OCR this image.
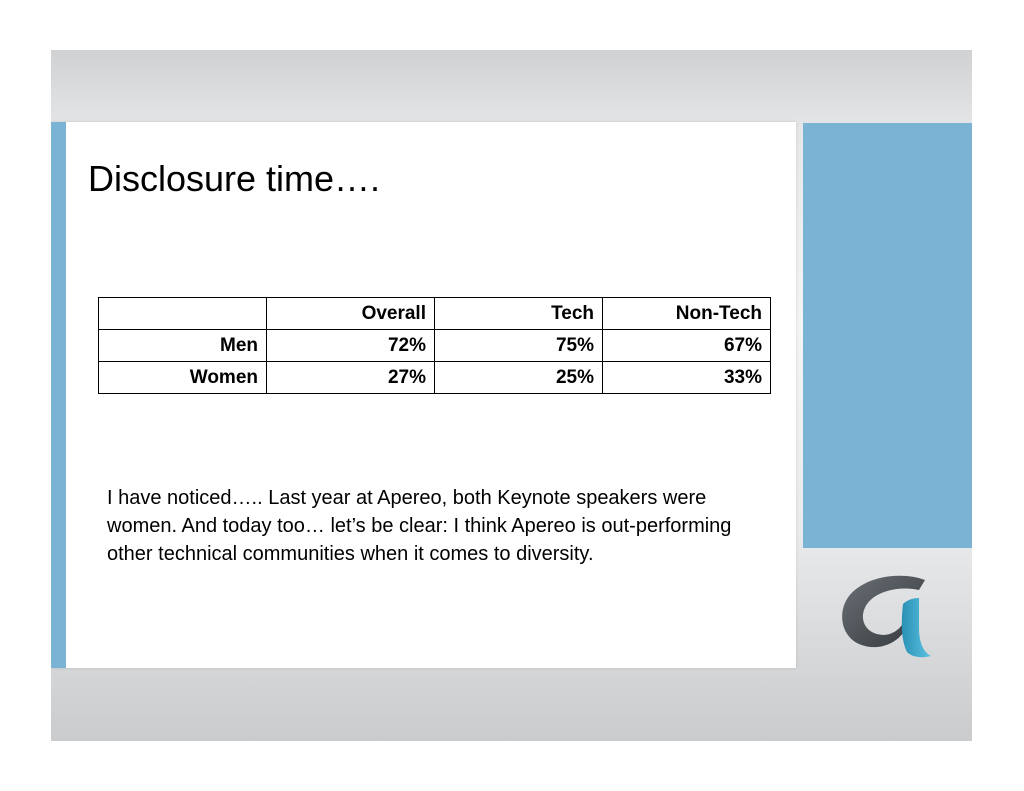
Disclosure time….
	Overall	Tech	Non-Tech
Men	72%	75%	67%
Women	27%	25%	33%

I have noticed….. Last year at Apereo, both Keynote speakers were women. And today too… let’s be clear: I think Apereo is out-performing other technical communities when it comes to diversity.
